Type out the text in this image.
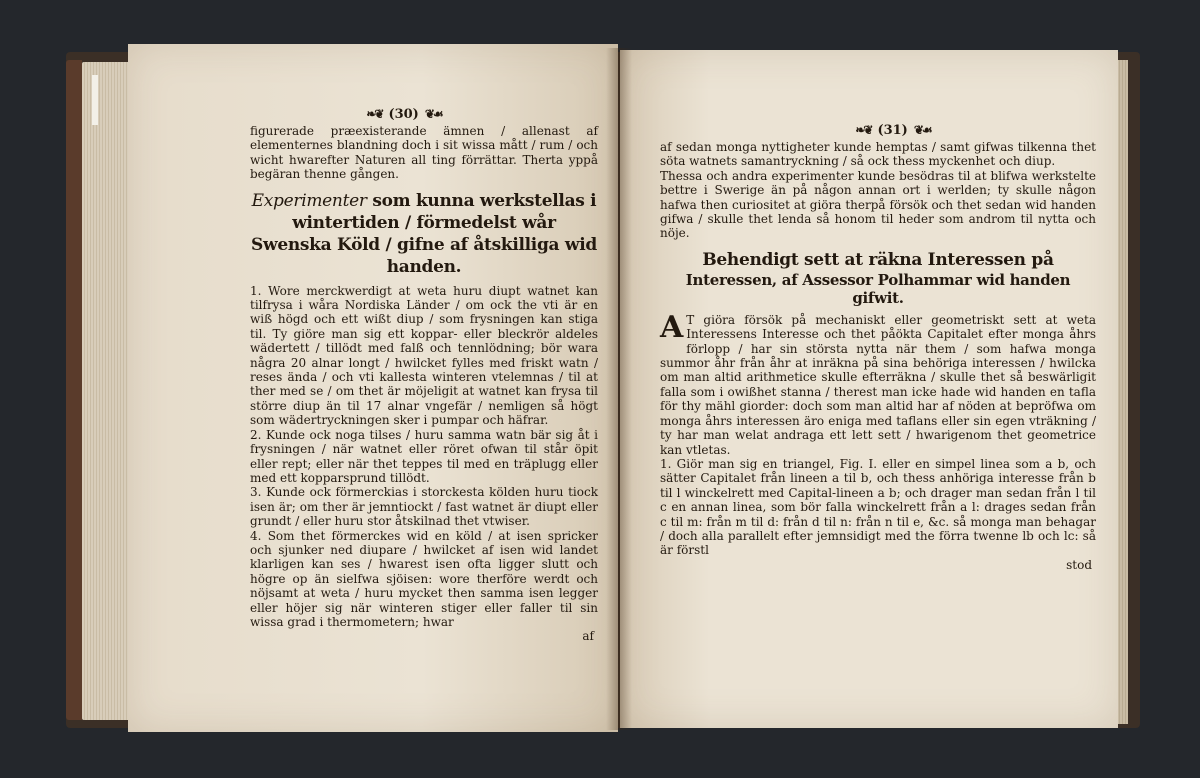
❧❦ (30) ❦☙

figurerade præexisterande ämnen / allenast af elementernes blandning doch i sit wissa mått / rum / och wicht hwarefter Naturen all ting förrättar. Therta yppå begäran thenne gången.

Experimenter som kunna werkstellas i wintertiden / förmedelst wår Swenska Köld / gifne af åtskilliga wid handen.

1. Wore merckwerdigt at weta huru diupt watnet kan tilfrysa i wåra Nordiska Länder / om ock the vti är en wiß högd och ett wißt diup / som frysningen kan stiga til. Ty giöre man sig ett koppar- eller bleckrör aldeles wädertett / tillödt med falß och tennlödning; bör wara några 20 alnar longt / hwilcket fylles med friskt watn / reses ända / och vti kallesta winteren vtelemnas / til at ther med se / om thet är möjeligit at watnet kan frysa til större diup än til 17 alnar vngefär / nemligen så högt som wädertryckningen sker i pumpar och häfrar.

2. Kunde ock noga tilses / huru samma watn bär sig åt i frysningen / när watnet eller röret ofwan til står öpit eller rept; eller när thet teppes til med en träplugg eller med ett kopparsprund tillödt.

3. Kunde ock förmerckias i storckesta kölden huru tiock isen är; om ther är jemntiockt / fast watnet är diupt eller grundt / eller huru stor åtskilnad thet vtwiser.

4. Som thet förmerckes wid en köld / at isen spricker och sjunker ned diupare / hwilcket af isen wid landet klarligen kan ses / hwarest isen ofta ligger slutt och högre op än sielfwa sjöisen: wore therföre werdt och nöjsamt at weta / huru mycket then samma isen legger eller höjer sig när winteren stiger eller faller til sin wissa grad i thermometern; hwar

af
❧❦ (31) ❦☙

af sedan monga nyttigheter kunde hemptas / samt gifwas tilkenna thet söta watnets samantryckning / så ock thess myckenhet och diup.

Thessa och andra experimenter kunde besödras til at blifwa werkstelte bettre i Swerige än på någon annan ort i werlden; ty skulle någon hafwa then curiositet at giöra therpå försök och thet sedan wid handen gifwa / skulle thet lenda så honom til heder som androm til nytta och nöje.

Behendigt sett at räkna Interessen på
Interessen, af Assessor Polhammar wid handen gifwit.

A T giöra försök på mechaniskt eller geometriskt sett at weta Interessens Interesse och thet påökta Capitalet efter monga åhrs förlopp / har sin största nytta när them / som hafwa monga summor åhr från åhr at inräkna på sina behöriga interessen / hwilcka om man altid arithmetice skulle efterräkna / skulle thet så beswärligit falla som i owißhet stanna / therest man icke hade wid handen en tafla för thy mähl giorder: doch som man altid har af nöden at bepröfwa om monga åhrs interessen äro eniga med taflans eller sin egen vträkning / ty har man welat andraga ett lett sett / hwarigenom thet geometrice kan vtletas.

1. Giör man sig en triangel, Fig. I. eller en simpel linea som a b, och sätter Capitalet från lineen a til b, och thess anhöriga interesse från b til l winckelrett med Capital-lineen a b; och drager man sedan från l til c en annan linea, som bör falla winckelrett från a l: drages sedan från c til m: från m til d: från d til n: från n til e, &c. så monga man behagar / doch alla parallelt efter jemnsidigt med the förra twenne lb och lc: så är förstl

stod
